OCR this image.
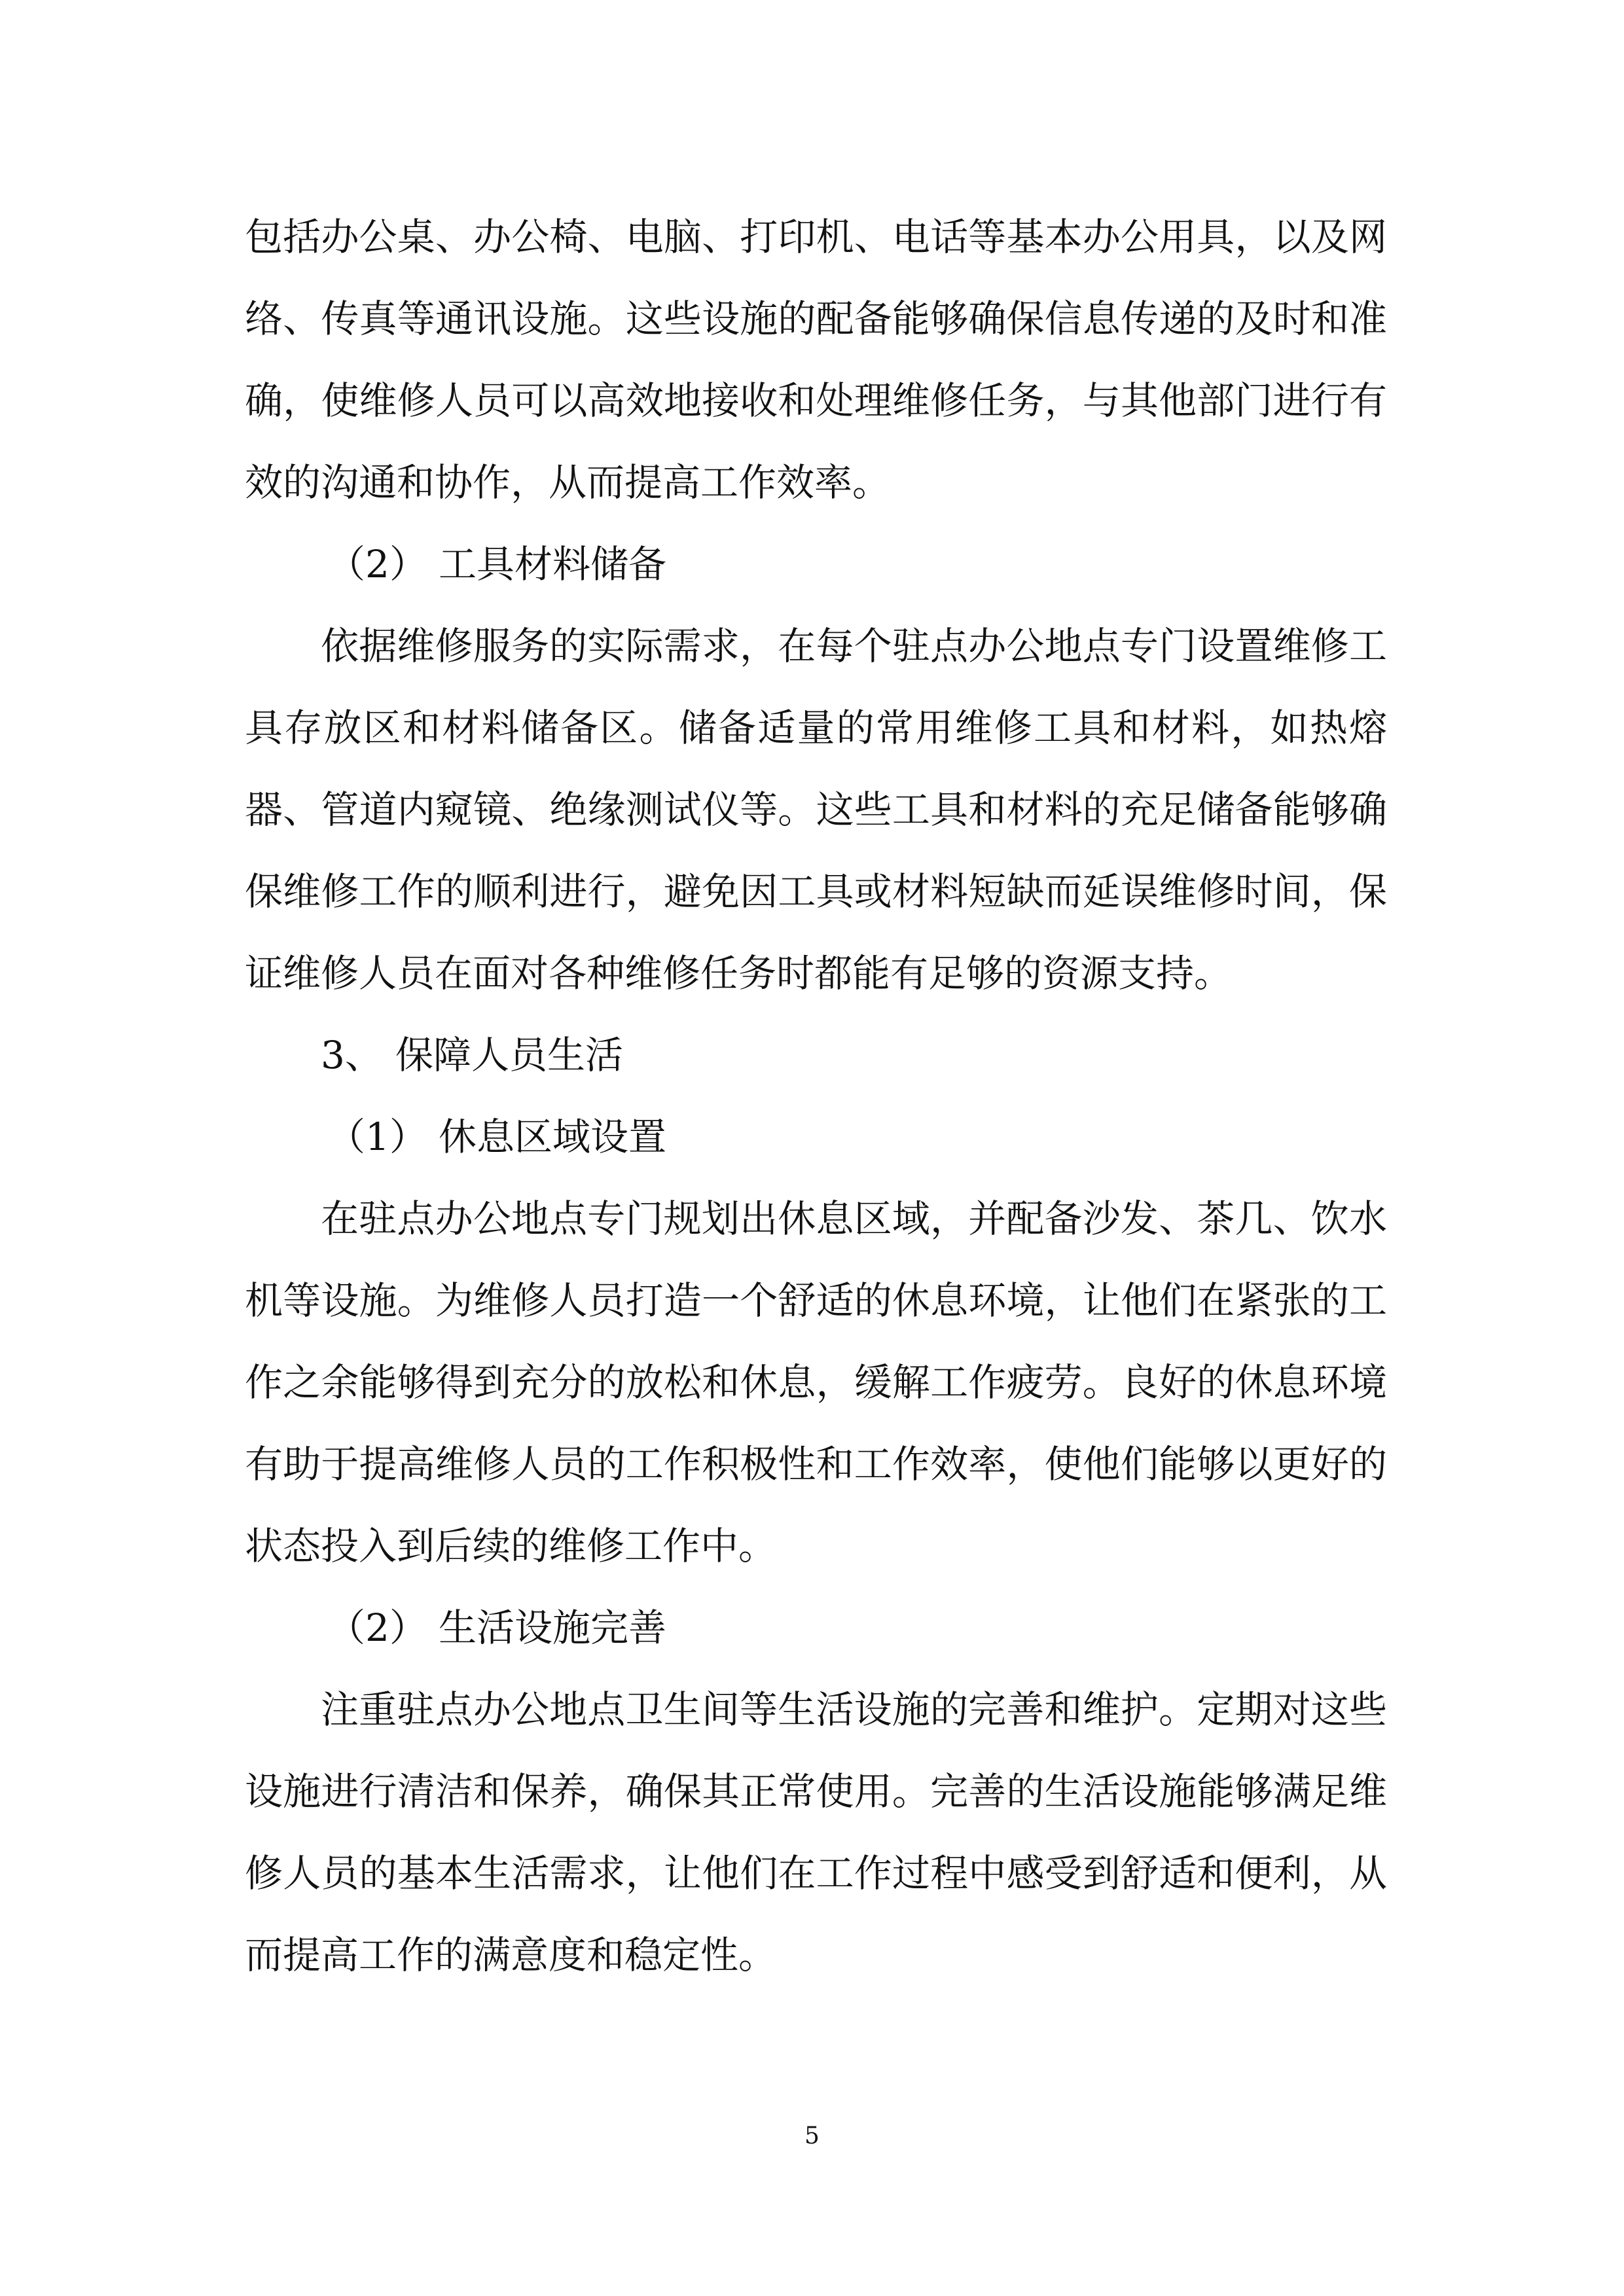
包括办公桌、办公椅、电脑、打印机、电话等基本办公用具，以及网络、传真等通讯设施。这些设施的配备能够确保信息传递的及时和准确，使维修人员可以高效地接收和处理维修任务，与其他部门进行有效的沟通和协作，从而提高工作效率。

（2） 工具材料储备

依据维修服务的实际需求，在每个驻点办公地点专门设置维修工具存放区和材料储备区。储备适量的常用维修工具和材料，如热熔器、管道内窥镜、绝缘测试仪等。这些工具和材料的充足储备能够确保维修工作的顺利进行，避免因工具或材料短缺而延误维修时间，保证维修人员在面对各种维修任务时都能有足够的资源支持。

3、 保障人员生活
（1） 休息区域设置

在驻点办公地点专门规划出休息区域，并配备沙发、茶几、饮水机等设施。为维修人员打造一个舒适的休息环境，让他们在紧张的工作之余能够得到充分的放松和休息，缓解工作疲劳。良好的休息环境有助于提高维修人员的工作积极性和工作效率，使他们能够以更好的状态投入到后续的维修工作中。

（2） 生活设施完善

注重驻点办公地点卫生间等生活设施的完善和维护。定期对这些设施进行清洁和保养，确保其正常使用。完善的生活设施能够满足维修人员的基本生活需求，让他们在工作过程中感受到舒适和便利，从而提高工作的满意度和稳定性。

5
